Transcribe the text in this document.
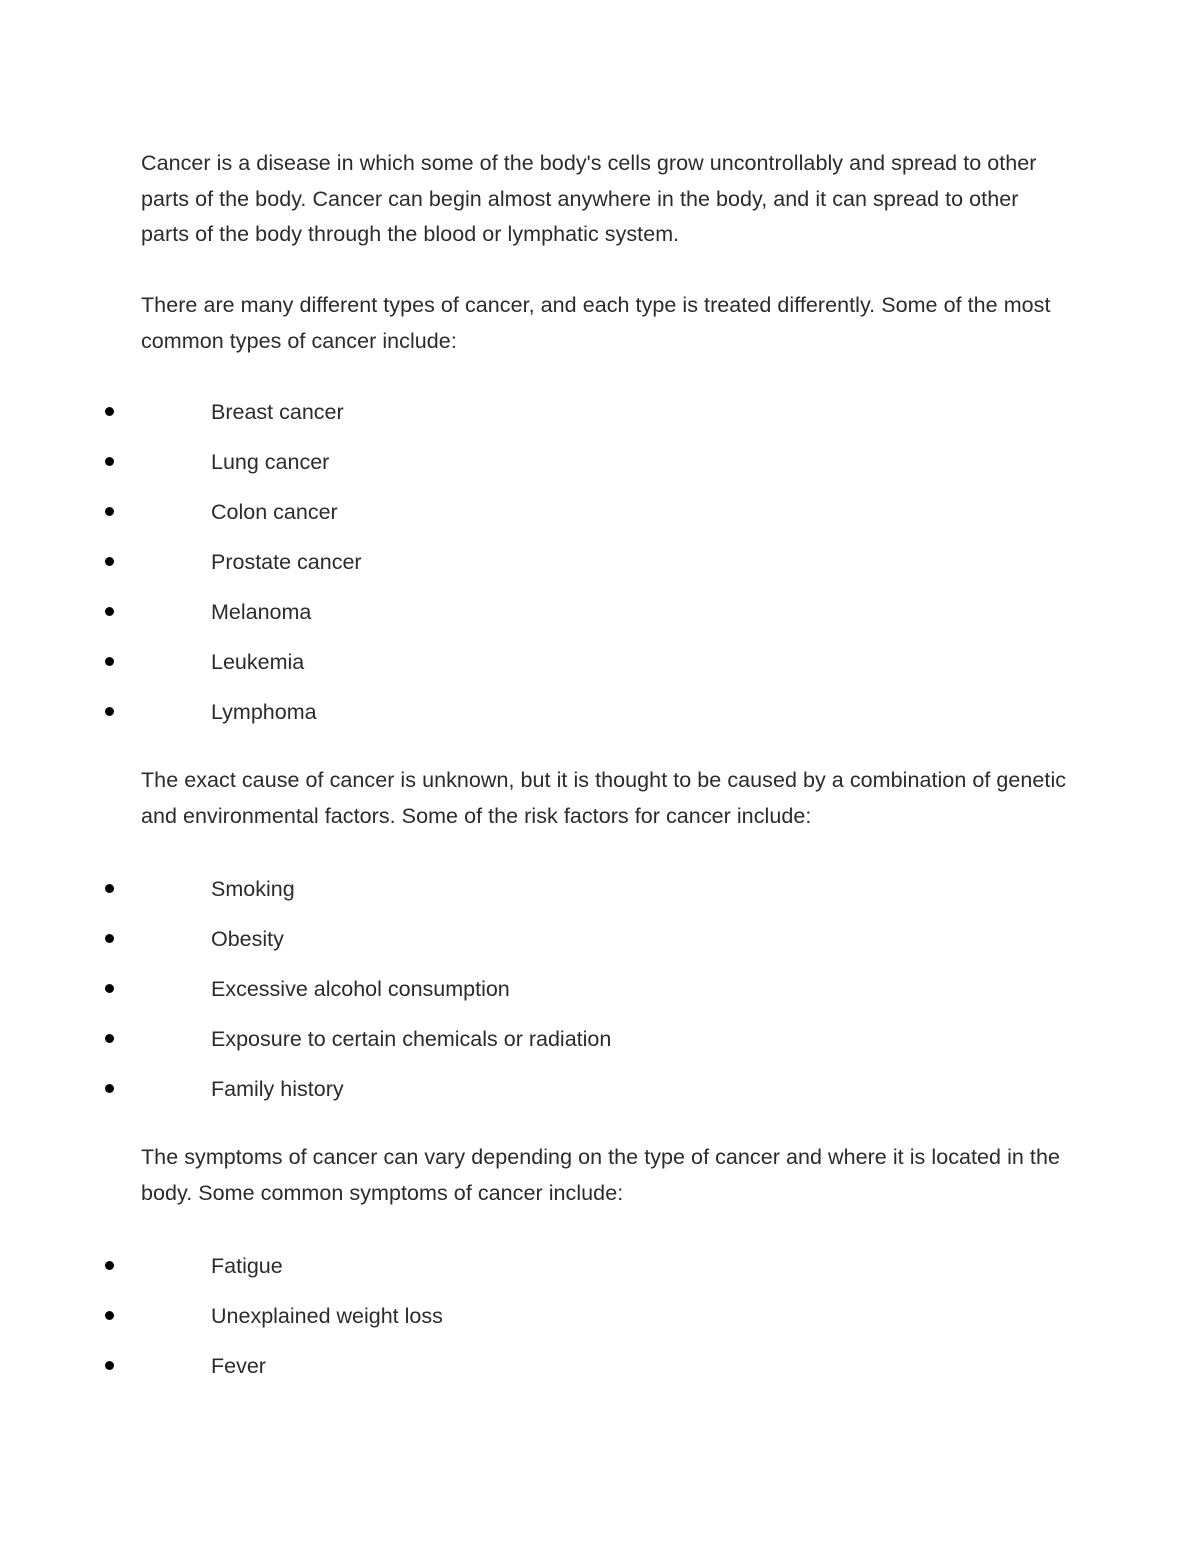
Cancer is a disease in which some of the body's cells grow uncontrollably and spread to other parts of the body. Cancer can begin almost anywhere in the body, and it can spread to other parts of the body through the blood or lymphatic system.

There are many different types of cancer, and each type is treated differently. Some of the most common types of cancer include:

Breast cancer
Lung cancer
Colon cancer
Prostate cancer
Melanoma
Leukemia
Lymphoma

The exact cause of cancer is unknown, but it is thought to be caused by a combination of genetic and environmental factors. Some of the risk factors for cancer include:

Smoking
Obesity
Excessive alcohol consumption
Exposure to certain chemicals or radiation
Family history

The symptoms of cancer can vary depending on the type of cancer and where it is located in the body. Some common symptoms of cancer include:

Fatigue
Unexplained weight loss
Fever
